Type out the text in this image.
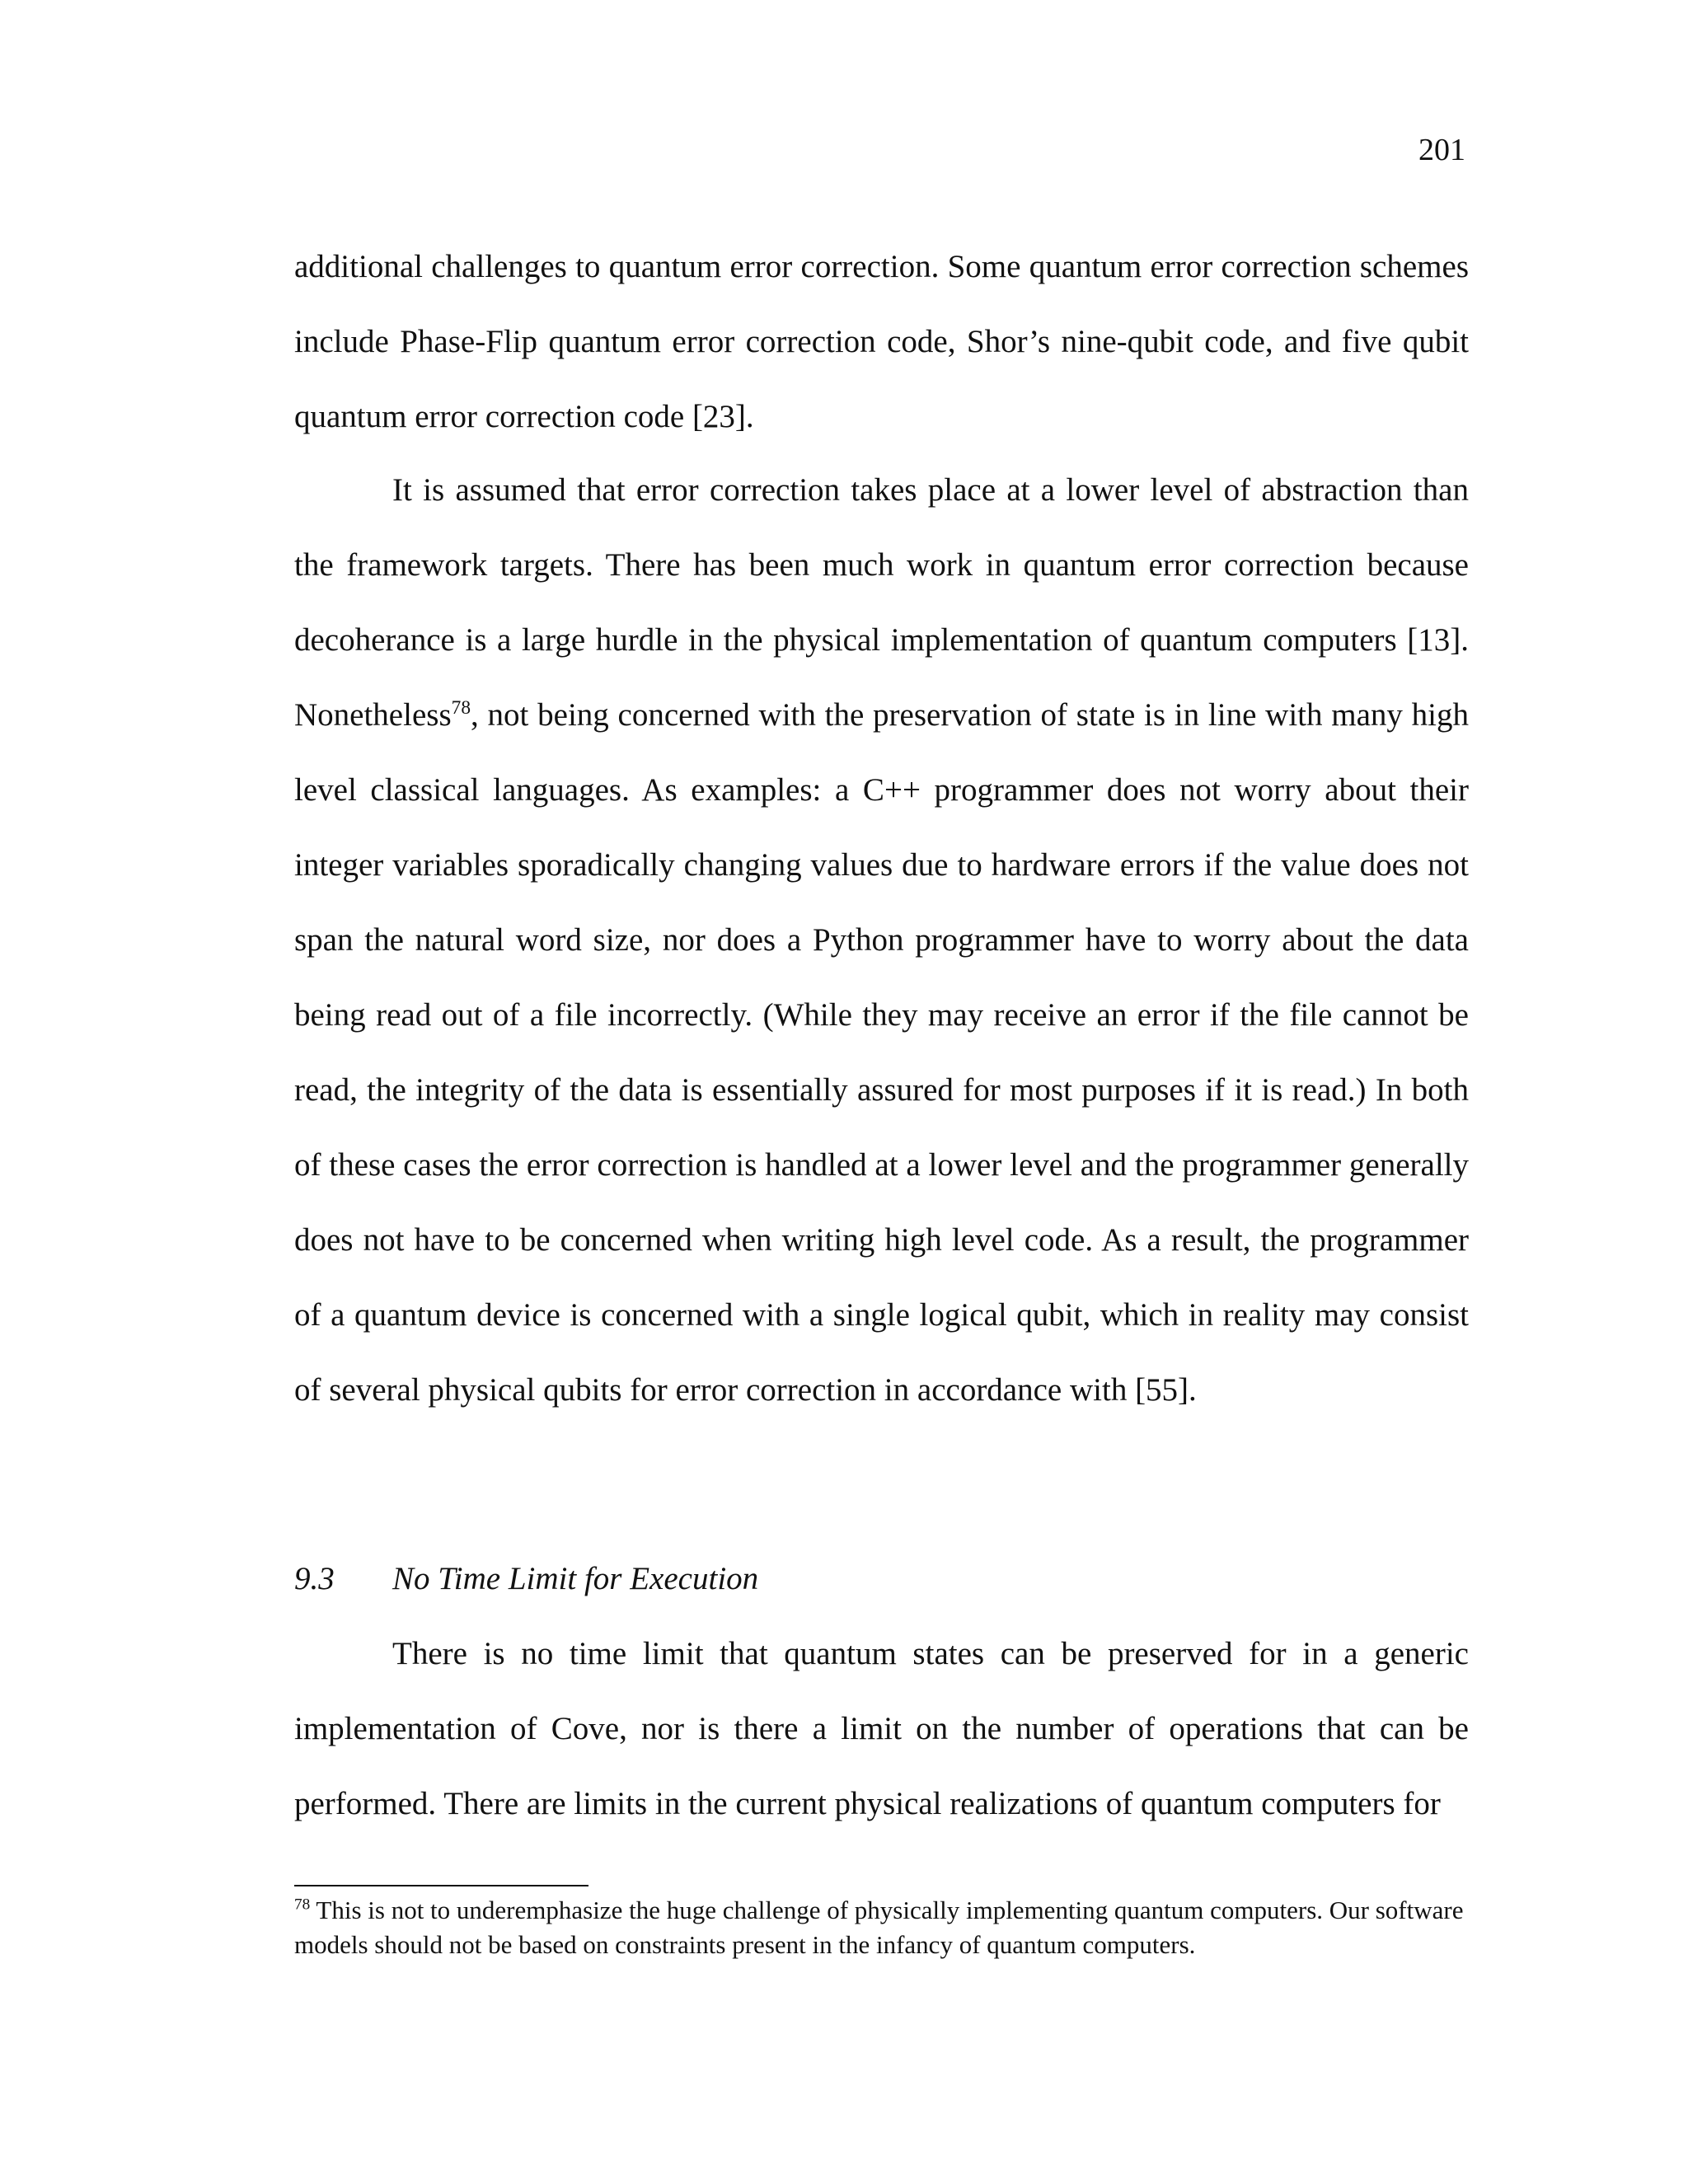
201

additional challenges to quantum error correction. Some quantum error correction schemes include Phase-Flip quantum error correction code, Shor’s nine-qubit code, and five qubit quantum error correction code [23].

It is assumed that error correction takes place at a lower level of abstraction than the framework targets. There has been much work in quantum error correction because decoherance is a large hurdle in the physical implementation of quantum computers [13]. Nonetheless$^{78}$, not being concerned with the preservation of state is in line with many high level classical languages. As examples: a C++ programmer does not worry about their integer variables sporadically changing values due to hardware errors if the value does not span the natural word size, nor does a Python programmer have to worry about the data being read out of a file incorrectly. (While they may receive an error if the file cannot be read, the integrity of the data is essentially assured for most purposes if it is read.) In both of these cases the error correction is handled at a lower level and the programmer generally does not have to be concerned when writing high level code. As a result, the programmer of a quantum device is concerned with a single logical qubit, which in reality may consist of several physical qubits for error correction in accordance with [55].

9.3 No Time Limit for Execution

There is no time limit that quantum states can be preserved for in a generic implementation of Cove, nor is there a limit on the number of operations that can be performed. There are limits in the current physical realizations of quantum computers for

$^{78}$ This is not to underemphasize the huge challenge of physically implementing quantum computers. Our software models should not be based on constraints present in the infancy of quantum computers.
